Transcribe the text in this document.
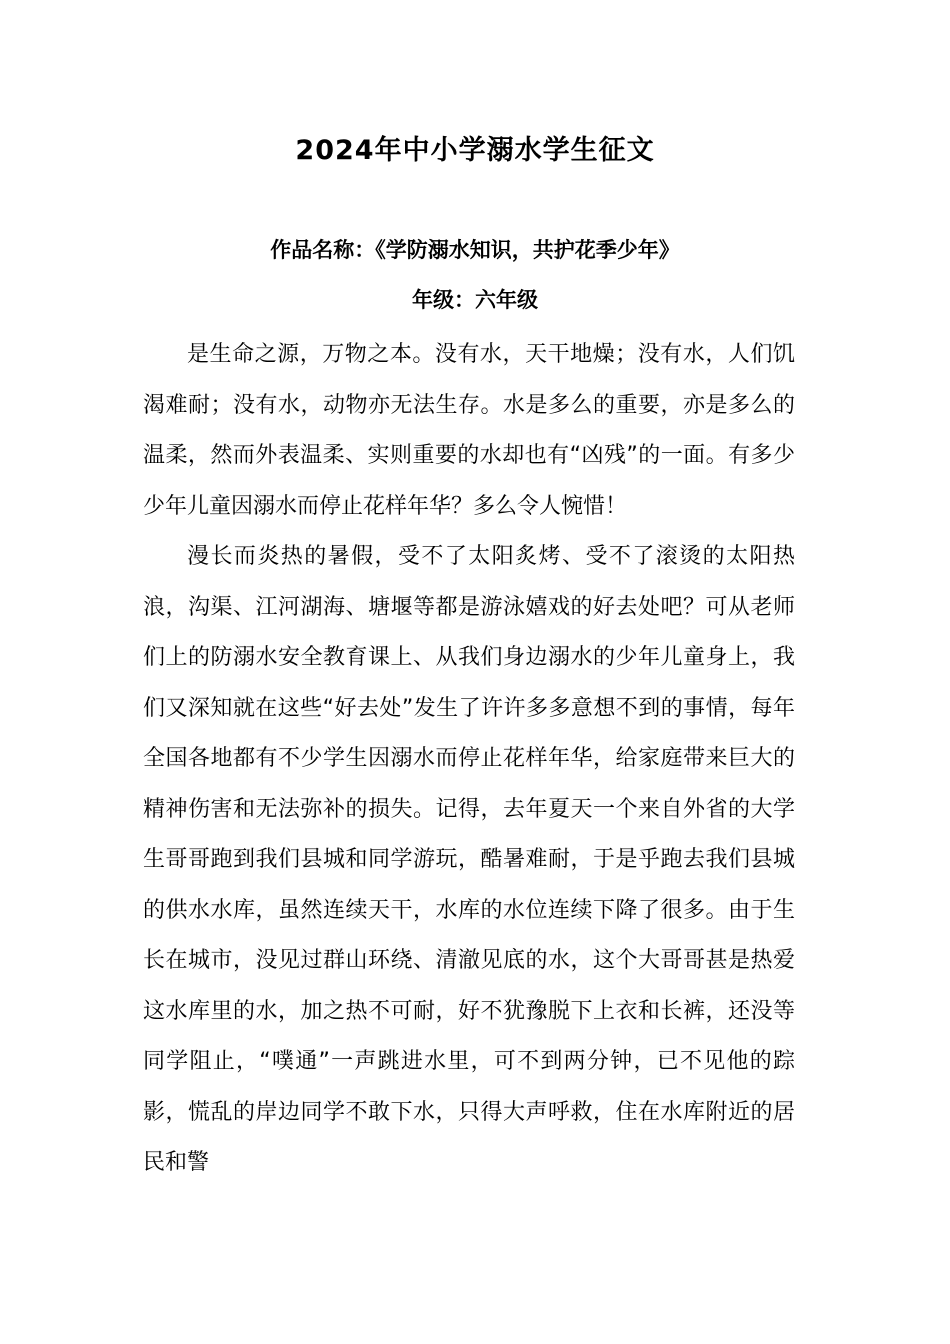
2024年中小学溺水学生征文
作品名称：《学防溺水知识，共护花季少年》
年级：六年级

是生命之源，万物之本。没有水，天干地燥；没有水，人们饥渴难耐；没有水，动物亦无法生存。水是多么的重要，亦是多么的温柔，然而外表温柔、实则重要的水却也有“凶残”的一面。有多少少年儿童因溺水而停止花样年华？多么令人惋惜！

漫长而炎热的暑假，受不了太阳炙烤、受不了滚烫的太阳热浪，沟渠、江河湖海、塘堰等都是游泳嬉戏的好去处吧？可从老师们上的防溺水安全教育课上、从我们身边溺水的少年儿童身上，我们又深知就在这些“好去处”发生了许许多多意想不到的事情，每年全国各地都有不少学生因溺水而停止花样年华，给家庭带来巨大的精神伤害和无法弥补的损失。记得，去年夏天一个来自外省的大学生哥哥跑到我们县城和同学游玩，酷暑难耐，于是乎跑去我们县城的供水水库，虽然连续天干，水库的水位连续下降了很多。由于生长在城市，没见过群山环绕、清澈见底的水，这个大哥哥甚是热爱这水库里的水，加之热不可耐，好不犹豫脱下上衣和长裤，还没等同学阻止，“噗通”一声跳进水里，可不到两分钟，已不见他的踪影，慌乱的岸边同学不敢下水，只得大声呼救，住在水库附近的居民和警
